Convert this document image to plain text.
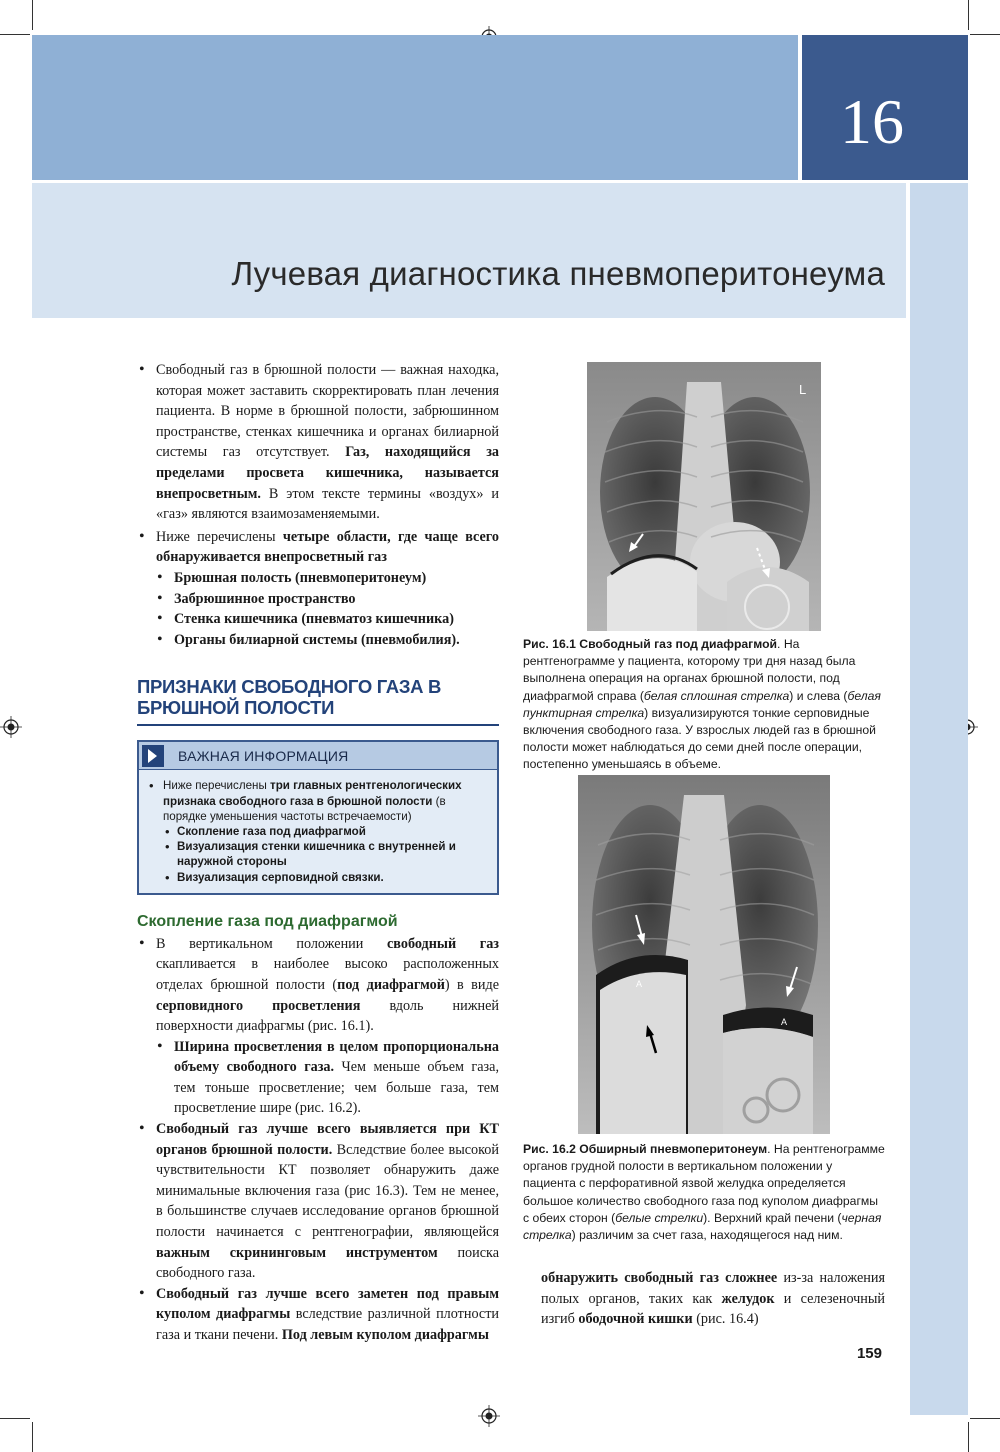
16
Лучевая диагностика пневмоперитонеума
• Свободный газ в брюшной полости — важная находка, которая может заставить скорректировать план лечения пациента. В норме в брюшной полости, забрюшинном пространстве, стенках кишечника и органах билиарной системы газ отсутствует. Газ, находящийся за пределами просвета кишечника, называется внепросветным. В этом тексте термины «воздух» и «газ» являются взаимозаменяемыми.
• Ниже перечислены четыре области, где чаще всего обнаруживается внепросветный газ
• Брюшная полость (пневмоперитонеум)
• Забрюшинное пространство
• Стенка кишечника (пневматоз кишечника)
• Органы билиарной системы (пневмобилия).
ПРИЗНАКИ СВОБОДНОГО ГАЗА В БРЮШНОЙ ПОЛОСТИ
ВАЖНАЯ ИНФОРМАЦИЯ
• Ниже перечислены три главных рентгенологических признака свободного газа в брюшной полости (в порядке уменьшения частоты встречаемости)
• Скопление газа под диафрагмой
• Визуализация стенки кишечника с внутренней и наружной стороны
• Визуализация серповидной связки.
Скопление газа под диафрагмой
• В вертикальном положении свободный газ скапливается в наиболее высоко расположенных отделах брюшной полости (под диафрагмой) в виде серповидного просветления вдоль нижней поверхности диафрагмы (рис. 16.1).
• Ширина просветления в целом пропорциональна объему свободного газа. Чем меньше объем газа, тем тоньше просветление; чем больше газа, тем просветление шире (рис. 16.2).
• Свободный газ лучше всего выявляется при КТ органов брюшной полости. Вследствие более высокой чувствительности КТ позволяет обнаружить даже минимальные включения газа (рис 16.3). Тем не менее, в большинстве случаев исследование органов брюшной полости начинается с рентгенографии, являющейся важным скрининговым инструментом поиска свободного газа.
• Свободный газ лучше всего заметен под правым куполом диафрагмы вследствие различной плотности газа и ткани печени. Под левым куполом диафрагмы
L
Рис. 16.1 Свободный газ под диафрагмой. На рентгенограмме у пациента, которому три дня назад была выполнена операция на органах брюшной полости, под диафрагмой справа (белая сплошная стрелка) и слева (белая пунктирная стрелка) визуализируются тонкие серповидные включения свободного газа. У взрослых людей газ в брюшной полости может наблюдаться до семи дней после операции, постепенно уменьшаясь в объеме.
A
A
Рис. 16.2 Обширный пневмоперитонеум. На рентгенограмме органов грудной полости в вертикальном положении у пациента с перфоративной язвой желудка определяется большое количество свободного газа под куполом диафрагмы с обеих сторон (белые стрелки). Верхний край печени (черная стрелка) различим за счет газа, находящегося над ним.
обнаружить свободный газ сложнее из-за наложения полых органов, таких как желудок и селезеночный изгиб ободочной кишки (рис. 16.4)
159
